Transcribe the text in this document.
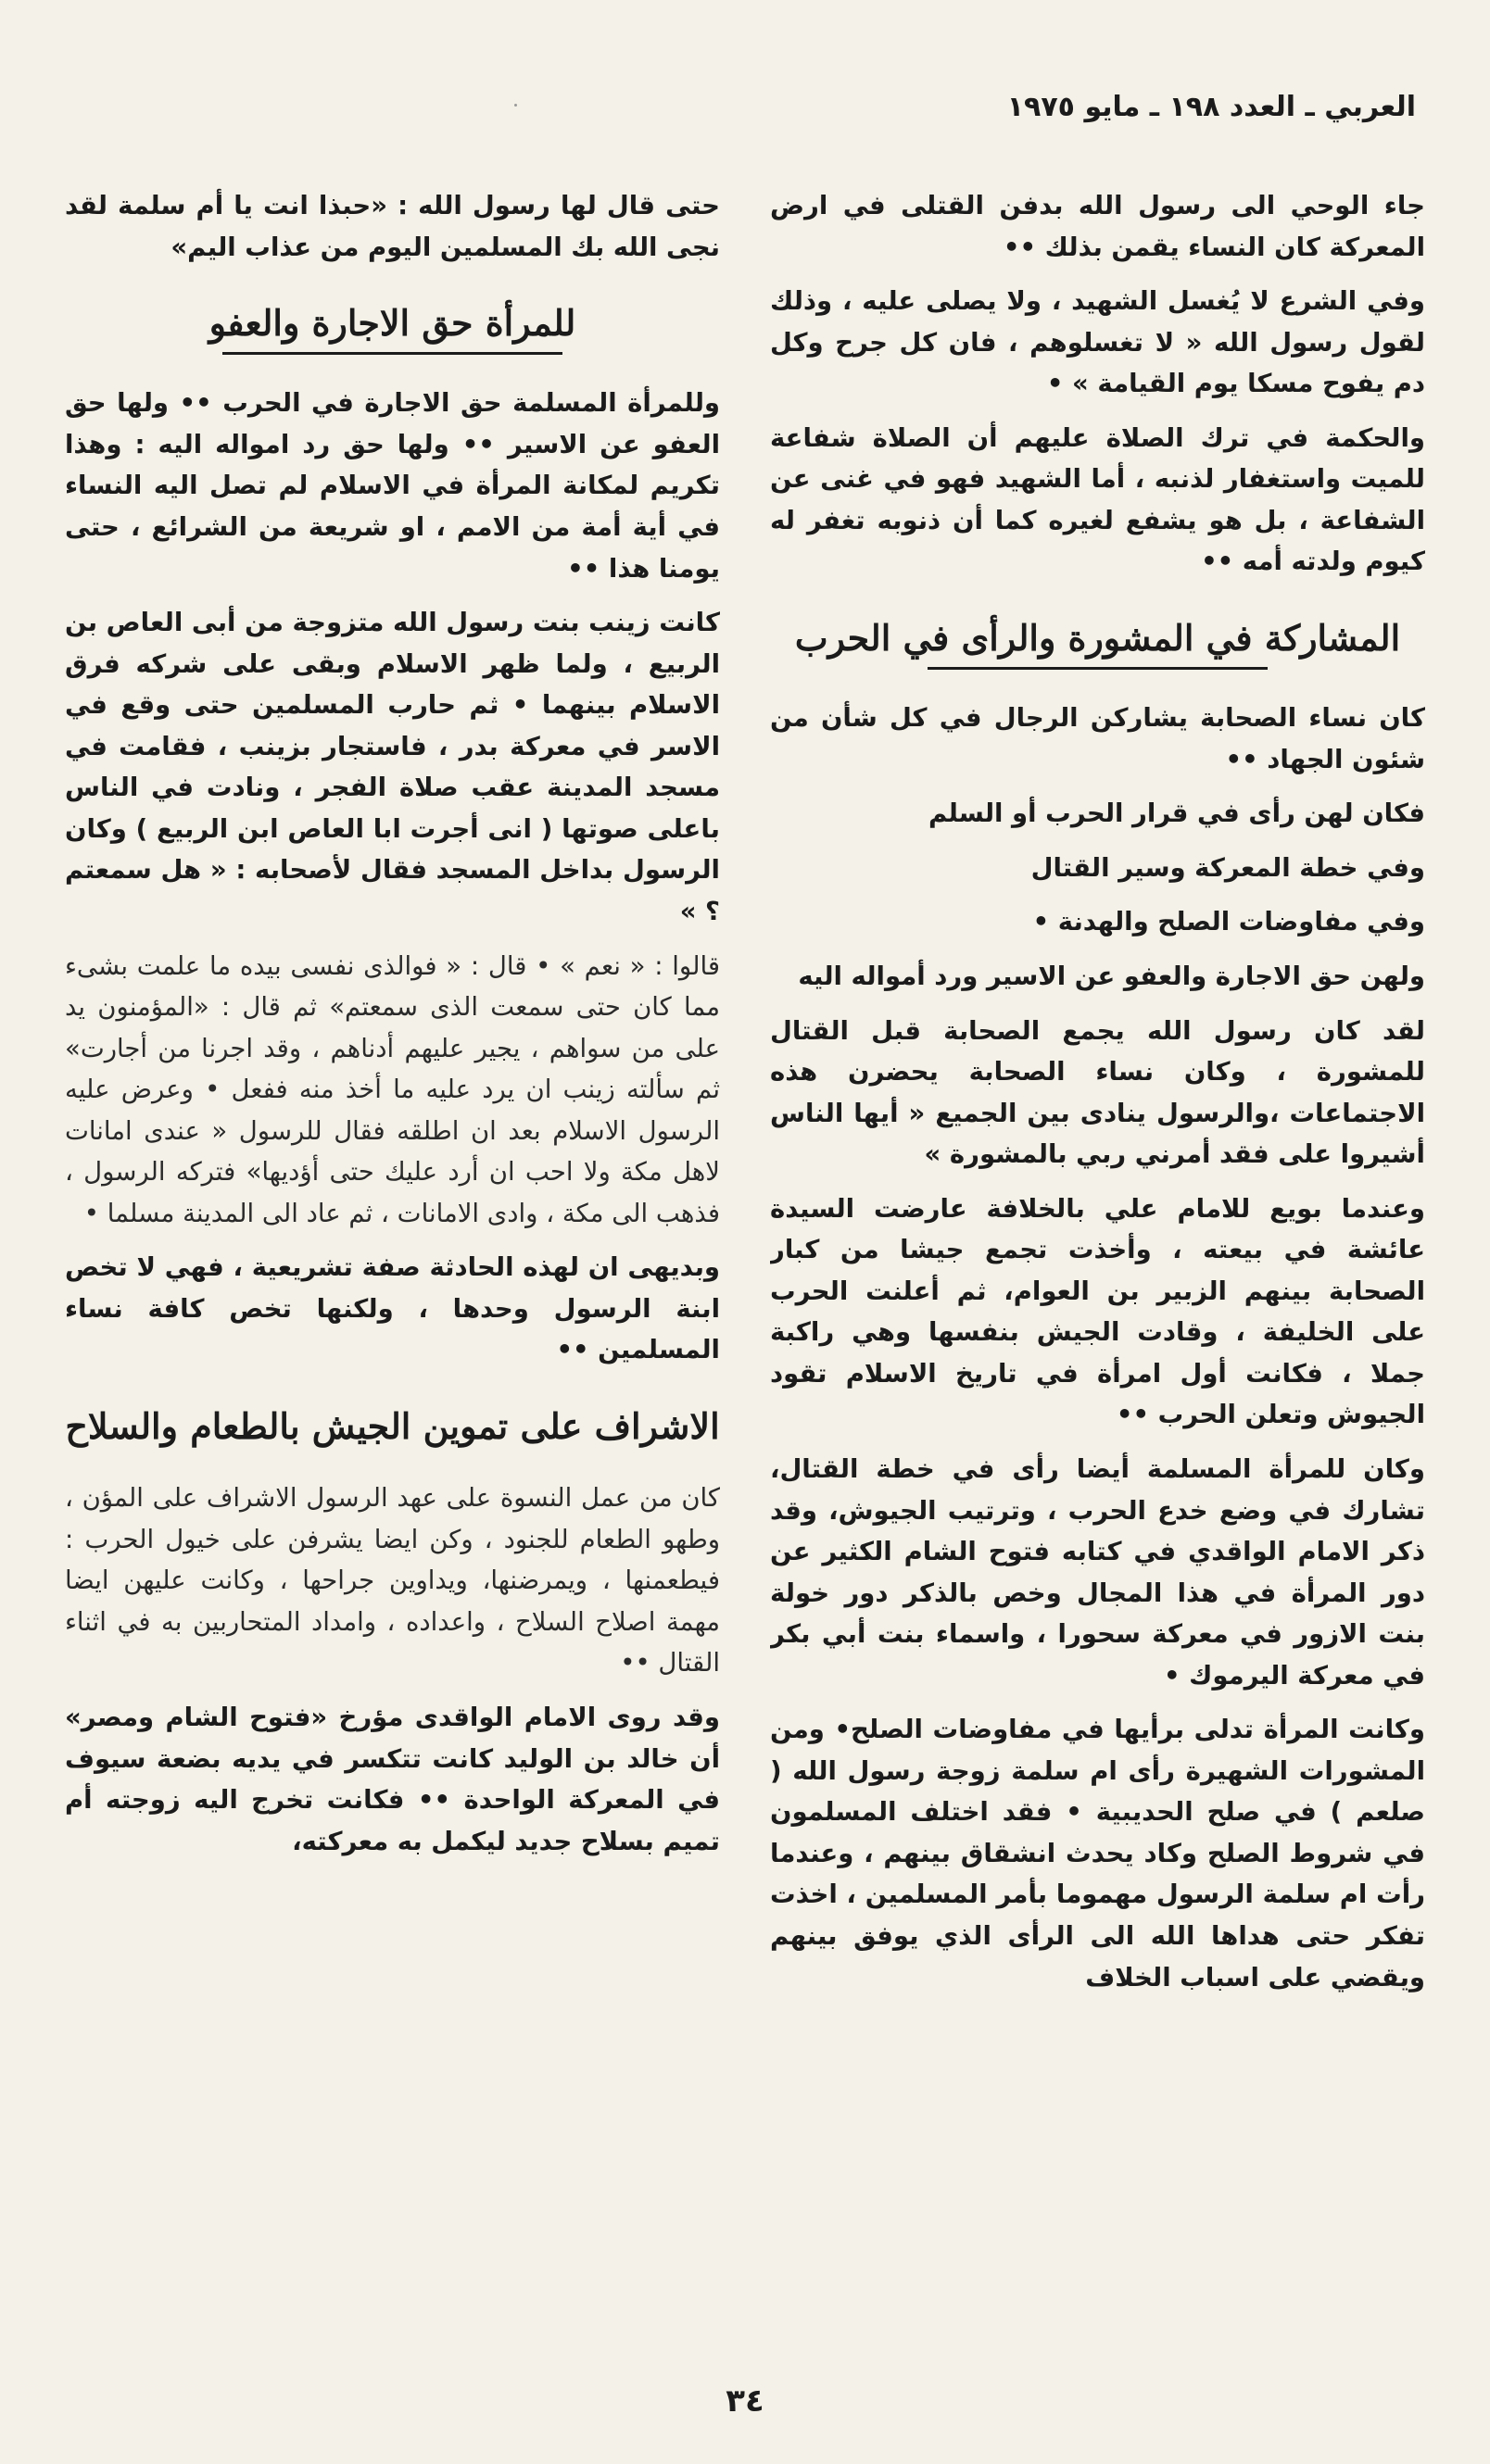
العربي ـ العدد ١٩٨ ـ مايو ١٩٧٥

جاء الوحي الى رسول الله بدفن القتلى في ارض المعركة كان النساء يقمن بذلك ••

وفي الشرع لا يُغسل الشهيد ، ولا يصلى عليه ، وذلك لقول رسول الله « لا تغسلوهم ، فان كل جرح وكل دم يفوح مسكا يوم القيامة » •

والحكمة في ترك الصلاة عليهم أن الصلاة شفاعة للميت واستغفار لذنبه ، أما الشهيد فهو في غنى عن الشفاعة ، بل هو يشفع لغيره كما أن ذنوبه تغفر له كيوم ولدته أمه ••

المشاركة في المشورة والرأى في الحرب

كان نساء الصحابة يشاركن الرجال في كل شأن من شئون الجهاد ••

فكان لهن رأى في قرار الحرب أو السلم

وفي خطة المعركة وسير القتال

وفي مفاوضات الصلح والهدنة •

ولهن حق الاجارة والعفو عن الاسير ورد أمواله اليه

لقد كان رسول الله يجمع الصحابة قبل القتال للمشورة ، وكان نساء الصحابة يحضرن هذه الاجتماعات ،والرسول ينادى بين الجميع « أيها الناس أشيروا على فقد أمرني ربي بالمشورة »

وعندما بويع للامام علي بالخلافة عارضت السيدة عائشة في بيعته ، وأخذت تجمع جيشا من كبار الصحابة بينهم الزبير بن العوام، ثم أعلنت الحرب على الخليفة ، وقادت الجيش بنفسها وهي راكبة جملا ، فكانت أول امرأة في تاريخ الاسلام تقود الجيوش وتعلن الحرب ••

وكان للمرأة المسلمة أيضا رأى في خطة القتال، تشارك في وضع خدع الحرب ، وترتيب الجيوش، وقد ذكر الامام الواقدي في كتابه فتوح الشام الكثير عن دور المرأة في هذا المجال وخص بالذكر دور خولة بنت الازور في معركة سحورا ، واسماء بنت أبي بكر في معركة اليرموك •

وكانت المرأة تدلى برأيها في مفاوضات الصلح• ومن المشورات الشهيرة رأى ام سلمة زوجة رسول الله ( صلعم ) في صلح الحديبية • فقد اختلف المسلمون في شروط الصلح وكاد يحدث انشقاق بينهم ، وعندما رأت ام سلمة الرسول مهموما بأمر المسلمين ، اخذت تفكر حتى هداها الله الى الرأى الذي يوفق بينهم ويقضي على اسباب الخلاف

حتى قال لها رسول الله : «حبذا انت يا أم سلمة لقد نجى الله بك المسلمين اليوم من عذاب اليم»

للمرأة حق الاجارة والعفو

وللمرأة المسلمة حق الاجارة في الحرب •• ولها حق العفو عن الاسير •• ولها حق رد امواله اليه : وهذا تكريم لمكانة المرأة في الاسلام لم تصل اليه النساء في أية أمة من الامم ، او شريعة من الشرائع ، حتى يومنا هذا ••

كانت زينب بنت رسول الله متزوجة من أبى العاص بن الربيع ، ولما ظهر الاسلام وبقى على شركه فرق الاسلام بينهما • ثم حارب المسلمين حتى وقع في الاسر في معركة بدر ، فاستجار بزينب ، فقامت في مسجد المدينة عقب صلاة الفجر ، ونادت في الناس باعلى صوتها ( انى أجرت ابا العاص ابن الربيع ) وكان الرسول بداخل المسجد فقال لأصحابه : « هل سمعتم ؟ »

قالوا : « نعم » • قال : « فوالذى نفسى بيده ما علمت بشىء مما كان حتى سمعت الذى سمعتم» ثم قال : «المؤمنون يد على من سواهم ، يجير عليهم أدناهم ، وقد اجرنا من أجارت» ثم سألته زينب ان يرد عليه ما أخذ منه ففعل • وعرض عليه الرسول الاسلام بعد ان اطلقه فقال للرسول « عندى امانات لاهل مكة ولا احب ان أرد عليك حتى أؤديها» فتركه الرسول ، فذهب الى مكة ، وادى الامانات ، ثم عاد الى المدينة مسلما •

وبديهى ان لهذه الحادثة صفة تشريعية ، فهي لا تخص ابنة الرسول وحدها ، ولكنها تخص كافة نساء المسلمين ••

الاشراف على تموين الجيش بالطعام والسلاح

كان من عمل النسوة على عهد الرسول الاشراف على المؤن ، وطهو الطعام للجنود ، وكن ايضا يشرفن على خيول الحرب : فيطعمنها ، ويمرضنها، ويداوين جراحها ، وكانت عليهن ايضا مهمة اصلاح السلاح ، واعداده ، وامداد المتحاربين به في اثناء القتال ••

وقد روى الامام الواقدى مؤرخ «فتوح الشام ومصر» أن خالد بن الوليد كانت تتكسر في يديه بضعة سيوف في المعركة الواحدة •• فكانت تخرج اليه زوجته أم تميم بسلاح جديد ليكمل به معركته،

٣٤
